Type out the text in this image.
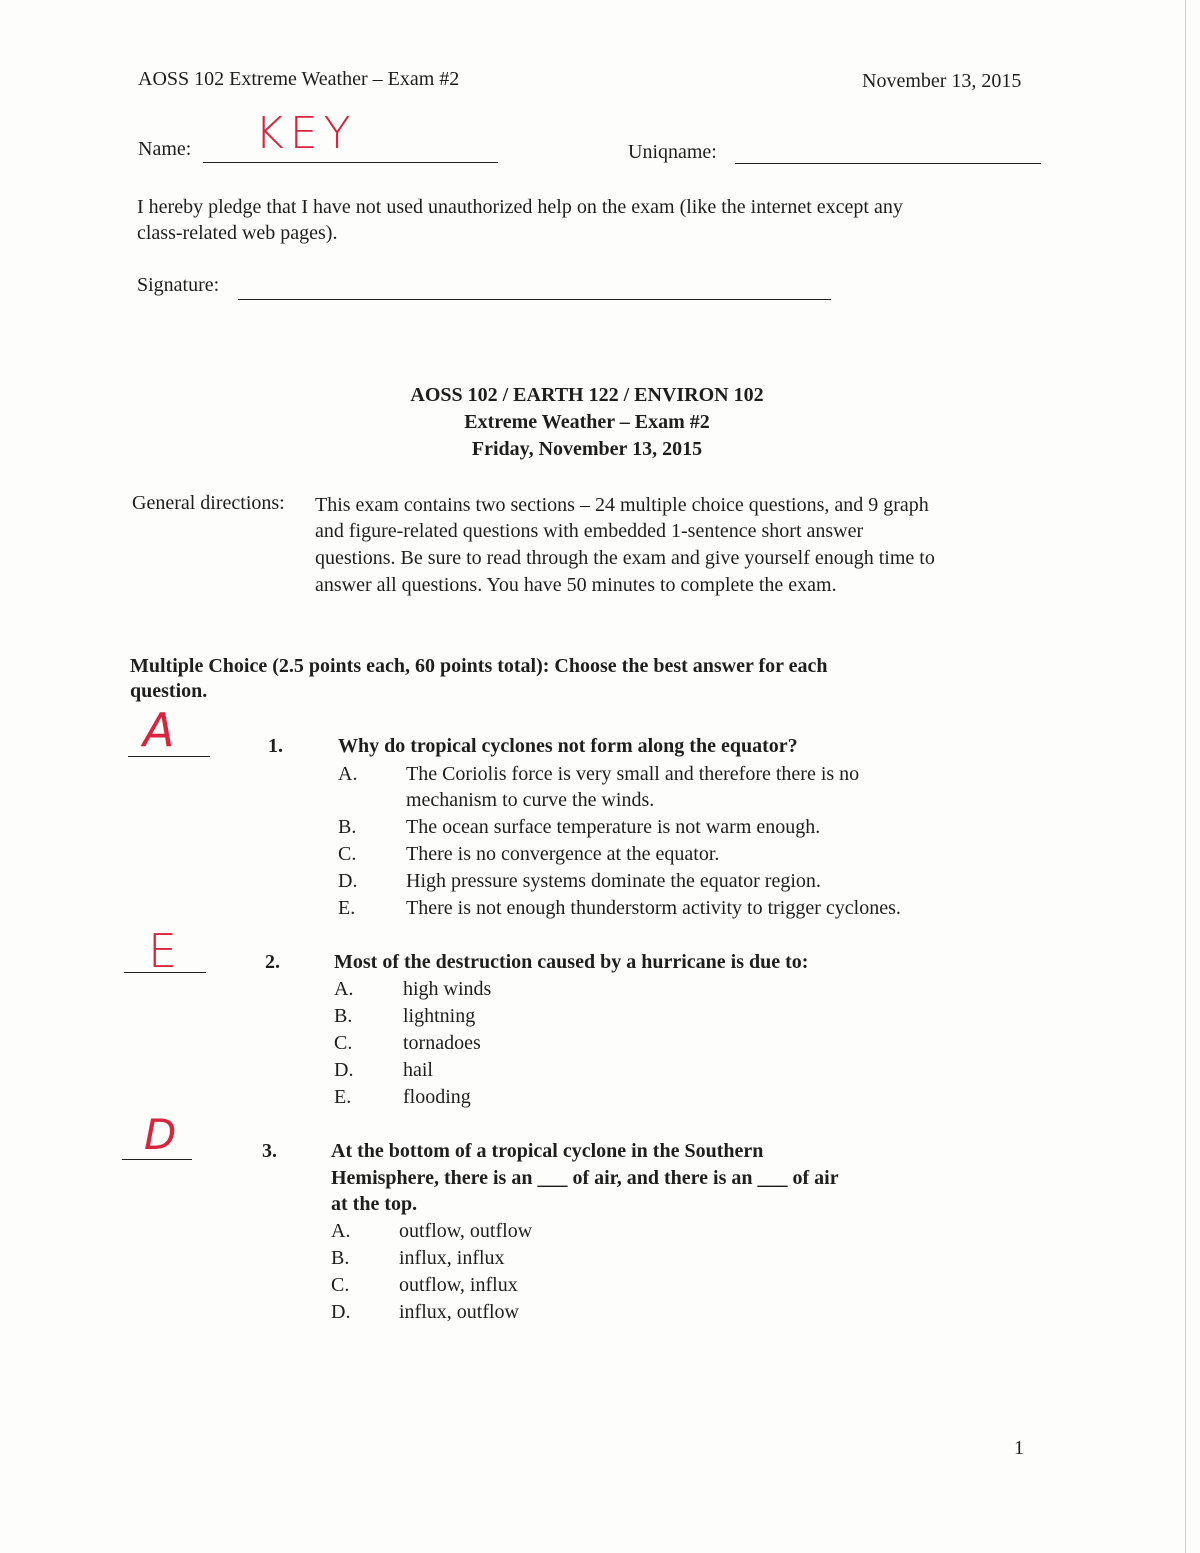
AOSS 102 Extreme Weather – Exam #2	November 13, 2015
Name: KEY	Uniqname:
I hereby pledge that I have not used unauthorized help on the exam (like the internet except any
class-related web pages).
Signature:
AOSS 102 / EARTH 122 / ENVIRON 102
Extreme Weather – Exam #2
Friday, November 13, 2015
General directions: This exam contains two sections – 24 multiple choice questions, and 9 graph
and figure-related questions with embedded 1-sentence short answer
questions. Be sure to read through the exam and give yourself enough time to
answer all questions. You have 50 minutes to complete the exam.
Multiple Choice (2.5 points each, 60 points total): Choose the best answer for each
question.
A	1.	Why do tropical cyclones not form along the equator?
A. The Coriolis force is very small and therefore there is no
mechanism to curve the winds.
B. The ocean surface temperature is not warm enough.
C. There is no convergence at the equator.
D. High pressure systems dominate the equator region.
E.	There is not enough thunderstorm activity to trigger cyclones.
E	2.	Most of the destruction caused by a hurricane is due to:
A. high winds
B.	lightning
C.	tornadoes
D. hail
E.	flooding
D	3.	At the bottom of a tropical cyclone in the Southern
Hemisphere, there is an ___ of air, and there is an ___ of air
at the top.
A. outflow, outflow
B. influx, influx
C. outflow, influx
D. influx, outflow
1
